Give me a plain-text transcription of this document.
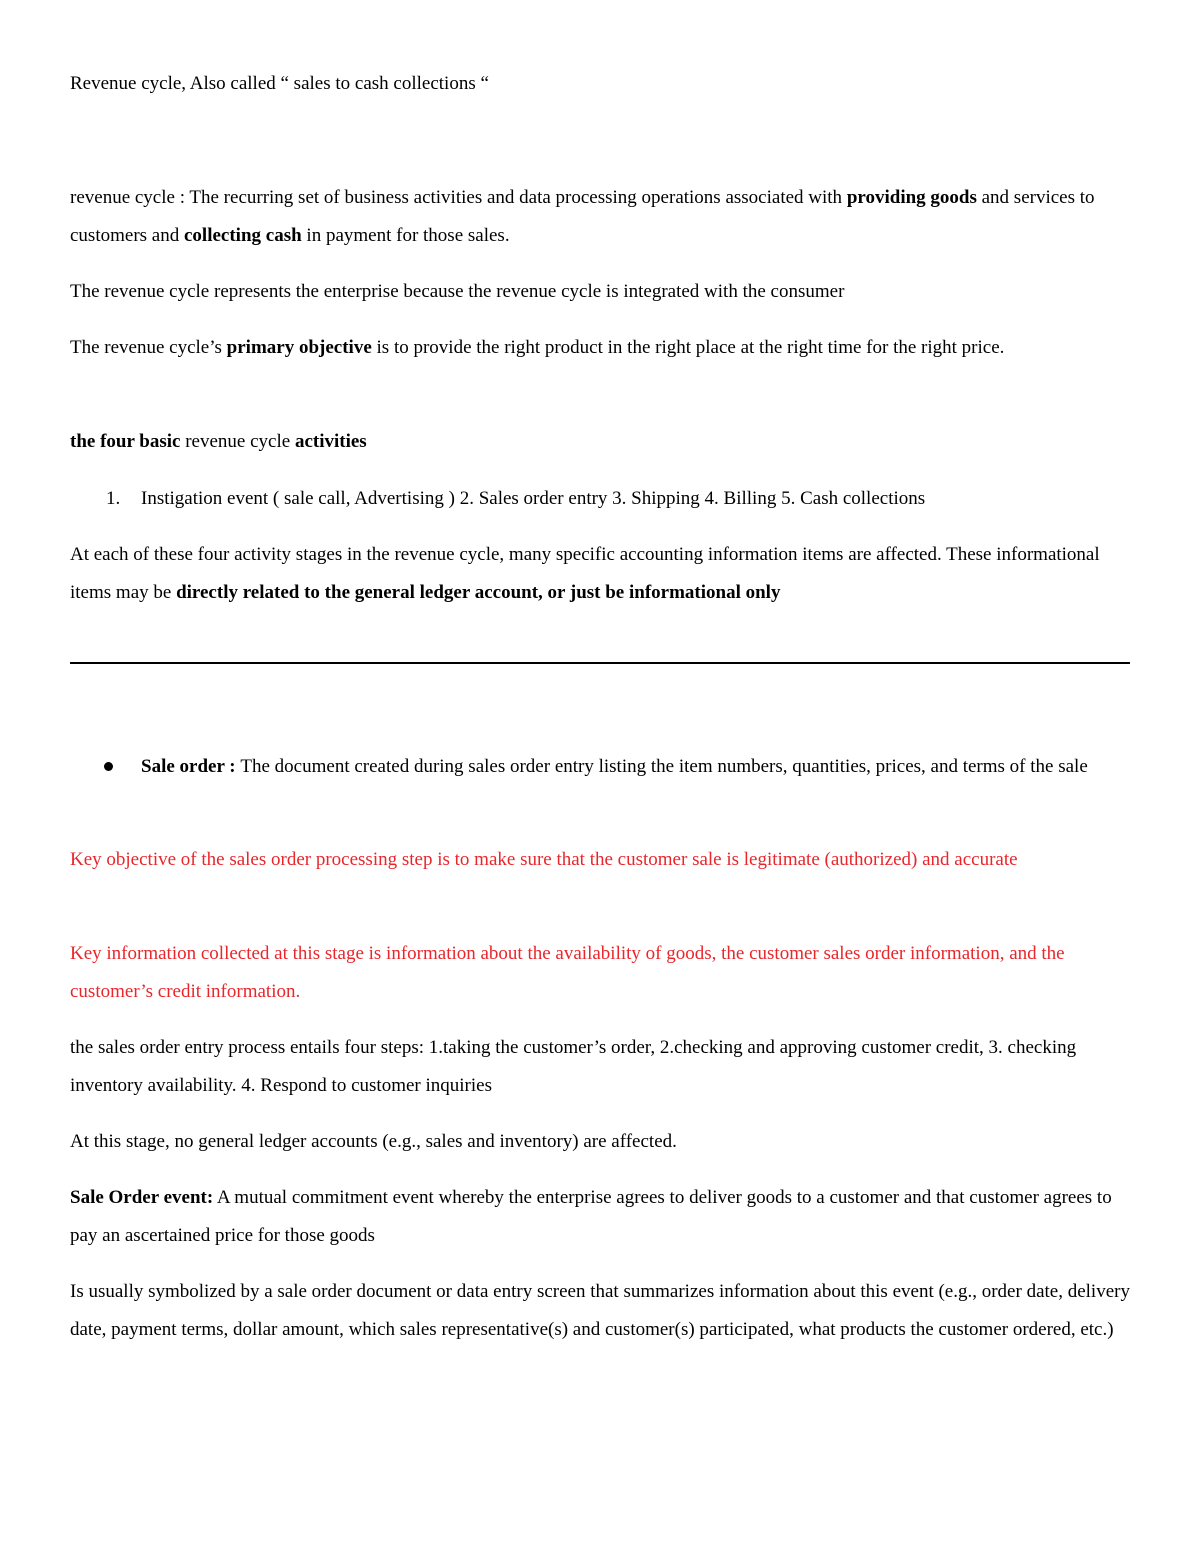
Revenue cycle, Also called “ sales to cash collections “

revenue cycle : The recurring set of business activities and data processing operations associated with providing goods and services to customers and collecting cash in payment for those sales.

The revenue cycle represents the enterprise because the revenue cycle is integrated with the consumer

The revenue cycle’s primary objective is to provide the right product in the right place at the right time for the right price.

the four basic revenue cycle activities

1. Instigation event ( sale call, Advertising ) 2. Sales order entry 3. Shipping 4. Billing 5. Cash collections

At each of these four activity stages in the revenue cycle, many specific accounting information items are affected. These informational items may be directly related to the general ledger account, or just be informational only

Sale order : The document created during sales order entry listing the item numbers, quantities, prices, and terms of the sale

Key objective of the sales order processing step is to make sure that the customer sale is legitimate (authorized) and accurate

Key information collected at this stage is information about the availability of goods, the customer sales order information, and the customer’s credit information.

the sales order entry process entails four steps: 1.taking the customer’s order, 2.checking and approving customer credit, 3. checking inventory availability. 4. Respond to customer inquiries

At this stage, no general ledger accounts (e.g., sales and inventory) are affected.

Sale Order event: A mutual commitment event whereby the enterprise agrees to deliver goods to a customer and that customer agrees to pay an ascertained price for those goods

Is usually symbolized by a sale order document or data entry screen that summarizes information about this event (e.g., order date, delivery date, payment terms, dollar amount, which sales representative(s) and customer(s) participated, what products the customer ordered, etc.)
